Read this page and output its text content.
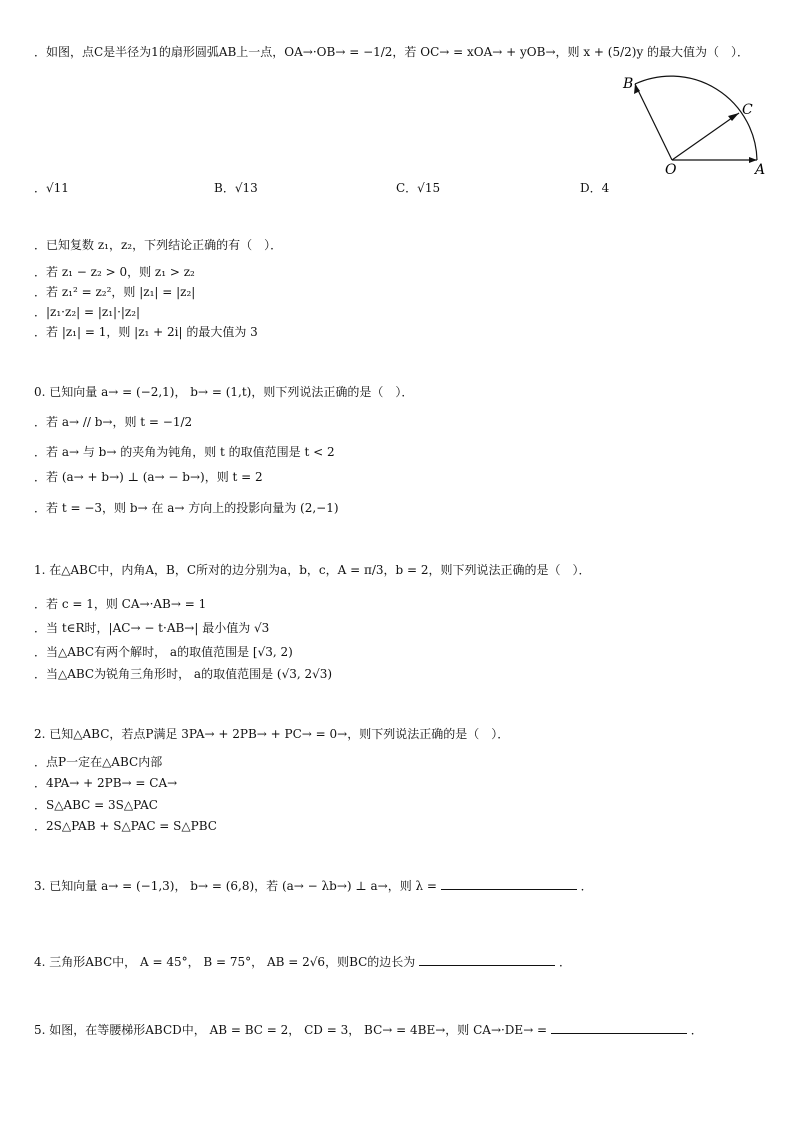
．如图，点C是半径为1的扇形圆弧AB上一点，OA→·OB→ = −1/2，若 OC→ = xOA→ + yOB→，则 x + (5/2)y 的最大值为（　）．
B
C
O	A
．√11	B．√13	C．√15	D．4
．已知复数 z₁，z₂，下列结论正确的有（　）．
．若 z₁ − z₂ > 0，则 z₁ > z₂
．若 z₁² = z₂²，则 |z₁| = |z₂|
．|z₁·z₂| = |z₁|·|z₂|
．若 |z₁| = 1，则 |z₁ + 2i| 的最大值为 3
0. 已知向量 a→ = (−2,1)， b→ = (1,t)，则下列说法正确的是（　）．
．若 a→ // b→，则 t = −1/2
．若 a→ 与 b→ 的夹角为钝角，则 t 的取值范围是 t < 2
．若 (a→ + b→) ⊥ (a→ − b→)，则 t = 2
．若 t = −3，则 b→ 在 a→ 方向上的投影向量为 (2,−1)
1. 在△ABC中，内角A，B，C所对的边分别为a，b，c，A = π/3，b = 2，则下列说法正确的是（　）．
．若 c = 1，则 CA→·AB→ = 1
．当 t∈R时，|AC→ − t·AB→| 最小值为 √3
．当△ABC有两个解时， a的取值范围是 [√3, 2)
．当△ABC为锐角三角形时， a的取值范围是 (√3, 2√3)
2. 已知△ABC，若点P满足 3PA→ + 2PB→ + PC→ = 0→，则下列说法正确的是（　）．
．点P一定在△ABC内部
．4PA→ + 2PB→ = CA→
．S△ABC = 3S△PAC
．2S△PAB + S△PAC = S△PBC
3. 已知向量 a→ = (−1,3)， b→ = (6,8)，若 (a→ − λb→) ⊥ a→，则 λ =	．
4. 三角形ABC中， A = 45°， B = 75°， AB = 2√6，则BC的边长为	．
5. 如图，在等腰梯形ABCD中， AB = BC = 2， CD = 3， BC→ = 4BE→，则 CA→·DE→ =	．
